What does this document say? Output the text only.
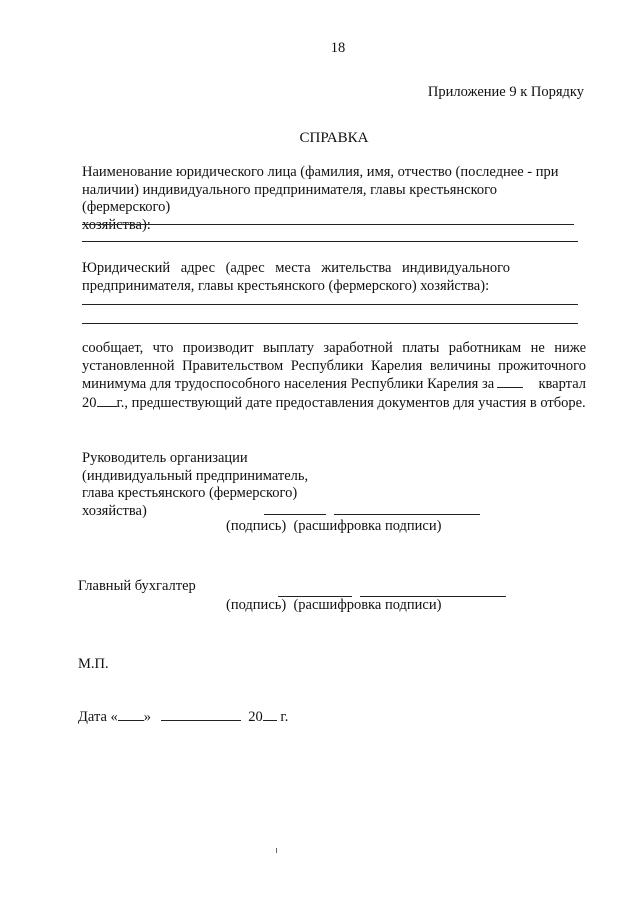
18
Приложение 9 к Порядку
СПРАВКА
Наименование юридического лица (фамилия, имя, отчество (последнее - при
наличии) индивидуального предпринимателя, главы крестьянского (фермерского)
хозяйства):
Юридический адрес (адрес места жительства индивидуального
предпринимателя, главы крестьянского (фермерского) хозяйства):
сообщает, что производит выплату заработной платы работникам не ниже
установленной Правительством Республики Карелия величины прожиточного
минимума для трудоспособного населения Республики Карелия за	квартал
20 г., предшествующий дате предоставления документов для участия в отборе.
Руководитель организации
(индивидуальный предприниматель,
глава крестьянского (фермерского)
хозяйства)
(подпись)  (расшифровка подписи)
Главный бухгалтер
(подпись)  (расшифровка подписи)
М.П.
Дата « »	20 г.
